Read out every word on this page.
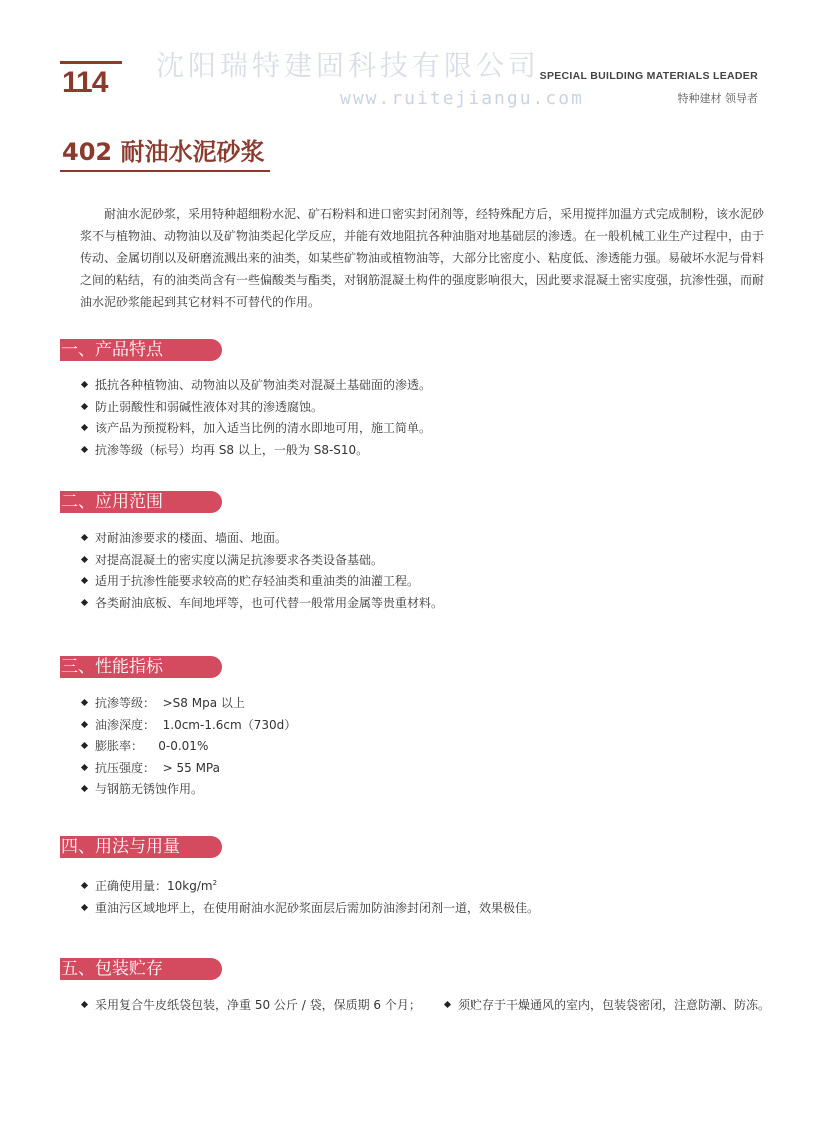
114
沈阳瑞特建固科技有限公司
www.ruitejiangu.com
SPECIAL BUILDING MATERIALS LEADER
特种建材 领导者
402 耐油水泥砂浆

耐油水泥砂浆，采用特种超细粉水泥、矿石粉料和进口密实封闭剂等，经特殊配方后，采用搅拌加温方式完成制粉，该水泥砂浆不与植物油、动物油以及矿物油类起化学反应，并能有效地阻抗各种油脂对地基础层的渗透。在一般机械工业生产过程中，由于传动、金属切削以及研磨流溅出来的油类，如某些矿物油或植物油等，大部分比密度小、粘度低、渗透能力强。易破坏水泥与骨料之间的粘结，有的油类尚含有一些偏酸类与酯类，对钢筋混凝土构件的强度影响很大，因此要求混凝土密实度强，抗渗性强，而耐油水泥砂浆能起到其它材料不可替代的作用。

一、产品特点
抵抗各种植物油、动物油以及矿物油类对混凝土基础面的渗透。
防止弱酸性和弱碱性液体对其的渗透腐蚀。
该产品为预搅粉料，加入适当比例的清水即地可用，施工简单。
抗渗等级（标号）均再 S8 以上，一般为 S8-S10。
二、应用范围
对耐油渗要求的楼面、墙面、地面。
对提高混凝土的密实度以满足抗渗要求各类设备基础。
适用于抗渗性能要求较高的贮存轻油类和重油类的油灌工程。
各类耐油底板、车间地坪等，也可代替一般常用金属等贵重材料。
三、性能指标
抗渗等级：  >S8 Mpa 以上
油渗深度：  1.0cm-1.6cm（730d）
膨胀率：    0-0.01%
抗压强度：  > 55 MPa
与钢筋无锈蚀作用。
四、用法与用量
正确使用量：$10kg/m^2$
重油污区域地坪上，在使用耐油水泥砂浆面层后需加防油渗封闭剂一道，效果极佳。
五、包装贮存
采用复合牛皮纸袋包装，净重 50 公斤 / 袋，保质期 6 个月；	须贮存于干燥通风的室内，包装袋密闭，注意防潮、防冻。
